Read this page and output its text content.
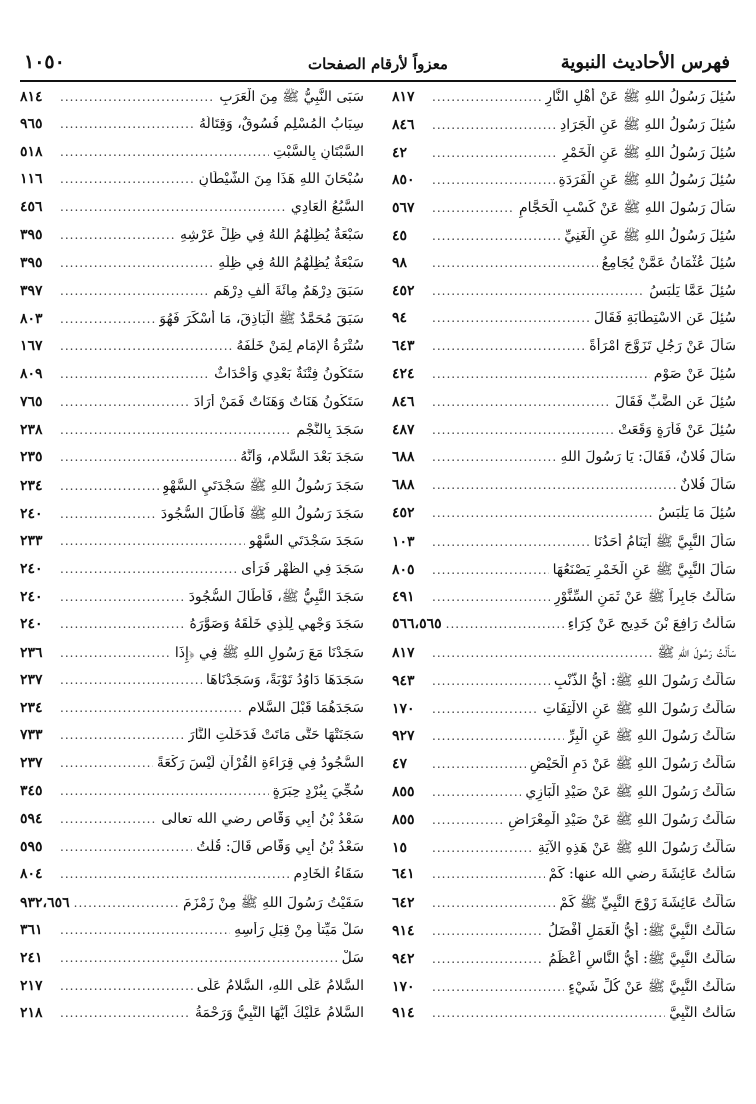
فهرس الأحاديث النبوية
معزواً لأرقام الصفحات
١٠٥٠
سُئِلَ رَسُولُ اللهِ ﷺ عَنْ أَهْلِ النَّارِ
.....
٨١٧
سُئِلَ رَسُولُ اللهِ ﷺ عَنِ الْجَرَادِ
.....
٨٤٦
سُئِلَ رَسُولُ اللهِ ﷺ عَنِ الْخَمْرِ
.....
٤٢
سُئِلَ رَسُولُ اللهِ ﷺ عَنِ الْفَرَدَةِ
.....
٨٥٠
سَأَلَ رَسُولَ اللهِ ﷺ عَنْ كَسْبِ الْحَجَّامِ
.....
٥٦٧
سُئِلَ رَسُولُ اللهِ ﷺ عَنِ الْغَنِيِّ
.....
٤٥
سُئِلَ عُثْمَانُ عَمَّنْ يُجَامِعُ
.....
٩٨
سُئِلَ عَمَّا يَلْبَسُ
.....
٤٥٢
سُئِلَ عَنِ الاسْتِطَابَةِ فَقَالَ
.....
٩٤
سَأَلَ عَنْ رَجُلٍ تَزَوَّجَ امْرَأَةً
.....
٦٤٣
سُئِلَ عَنْ صَوْمٍ
.....
٤٢٤
سُئِلَ عَنِ الضَّبِّ فَقَالَ
.....
٨٤٦
سُئِلَ عَنْ فَأْرَةٍ وَقَعَتْ
.....
٤٨٧
سَأَلَ فُلانٌ، فَقَالَ: يَا رَسُولَ اللهِ
.....
٦٨٨
سَأَلَ فُلانٌ
.....
٦٨٨
سُئِلَ مَا يَلْبَسُ
.....
٤٥٢
سَأَلَ النَّبِيَّ ﷺ أَيَنَامُ أَحَدُنَا
.....
١٠٣
سَأَلَ النَّبِيَّ ﷺ عَنِ الْخَمْرِ يَصْنَعُهَا
.....
٨٠٥
سَأَلْتُ جَابِراً ﷺ عَنْ ثَمَنِ السِّنَّوْرِ
.....
٤٩١
سَأَلْتُ رَافِعَ بْنَ خَدِيجٍ عَنْ كِرَاءِ
.....
٥٦٦،٥٦٥
سَأَلْتُ رَسُولَ اللهِ ﷺ
.....
٨١٧
سَأَلْتُ رَسُولَ اللهِ ﷺ: أَيُّ الذَّنْبِ
.....
٩٤٣
سَأَلْتُ رَسُولَ اللهِ ﷺ عَنِ الالْتِفَاتِ
.....
١٧٠
سَأَلْتُ رَسُولَ اللهِ ﷺ عَنِ الْبِرِّ
.....
٩٢٧
سَأَلْتُ رَسُولَ اللهِ ﷺ عَنْ دَمِ الْحَيْضِ
.....
٤٧
سَأَلْتُ رَسُولَ اللهِ ﷺ عَنْ صَيْدِ الْبَازِي
.....
٨٥٥
سَأَلْتُ رَسُولَ اللهِ ﷺ عَنْ صَيْدِ الْمِعْرَاضِ
.....
٨٥٥
سَأَلْتُ رَسُولَ اللهِ ﷺ عَنْ هَذِهِ الآيَةِ
.....
١٥
سَأَلْتُ عَائِشَةَ رضي الله عنها: كَمْ
.....
٦٤١
سَأَلْتُ عَائِشَةَ زَوْجَ النَّبِيِّ ﷺ كَمْ
.....
٦٤٢
سَأَلْتُ النَّبِيَّ ﷺ: أَيُّ الْعَمَلِ أَفْضَلُ
.....
٩١٤
سَأَلْتُ النَّبِيَّ ﷺ: أَيُّ النَّاسِ أَعْظَمُ
.....
٩٤٢
سَأَلْتُ النَّبِيَّ ﷺ عَنْ كُلِّ شَيْءٍ
.....
١٧٠
سَأَلْتُ النَّبِيَّ
.....
٩١٤
سَبَى النَّبِيُّ ﷺ مِنَ الْعَرَبِ
.....
٨١٤
سِبَابُ الْمُسْلِمِ فُسُوقٌ، وَقِتَالُهُ
.....
٩٦٥
السَّبْتَانِ بِالسَّبْتِ
.....
٥١٨
سُبْحَانَ اللهِ هَذَا مِنَ الشَّيْطَانِ
.....
١١٦
السَّبُعُ الْعَادِي
.....
٤٥٦
سَبْعَةٌ يُظِلُّهُمُ اللهُ فِي ظِلِّ عَرْشِهِ
.....
٣٩٥
سَبْعَةٌ يُظِلُّهُمُ اللهُ فِي ظِلِّهِ
.....
٣٩٥
سَبَقَ دِرْهَمٌ مِائَةَ أَلْفِ دِرْهَمٍ
.....
٣٩٧
سَبَقَ مُحَمَّدٌ ﷺ الْبَاذِقَ، مَا أَسْكَرَ فَهُوَ
.....
٨٠٣
سُتْرَةُ الإِمَامِ لِمَنْ خَلْفَهُ
.....
١٦٧
سَتَكُونُ فِتْنَةٌ بَعْدِي وَأَحْدَاثٌ
.....
٨٠٩
سَتَكُونُ هَنَاتٌ وَهَنَاتٌ فَمَنْ أَرَادَ
.....
٧٦٥
سَجَدَ بِالنَّجْمِ
.....
٢٣٨
سَجَدَ بَعْدَ السَّلامِ، وَأَنَّهُ
.....
٢٣٥
سَجَدَ رَسُولُ اللهِ ﷺ سَجْدَتَيِ السَّهْوِ
.....
٢٣٤
سَجَدَ رَسُولُ اللهِ ﷺ فَأَطَالَ السُّجُودَ
.....
٢٤٠
سَجَدَ سَجْدَتَيِ السَّهْوِ
.....
٢٣٣
سَجَدَ فِي الظُّهْرِ فَرَأَى
.....
٢٤٠
سَجَدَ النَّبِيُّ ﷺ، فَأَطَالَ السُّجُودَ
.....
٢٤٠
سَجَدَ وَجْهِي لِلَّذِي خَلَقَهُ وَصَوَّرَهُ
.....
٢٤٠
سَجَدْنَا مَعَ رَسُولِ اللهِ ﷺ فِي ﴿إِذَا
.....
٢٣٦
سَجَدَهَا دَاوُدُ تَوْبَةً، وَسَجَدْنَاهَا
.....
٢٣٧
سَجَدَهُمَا قَبْلَ السَّلامِ
.....
٢٣٤
سَجَنَتْهَا حَتَّى مَاتَتْ فَدَخَلَتِ النَّارَ
.....
٧٣٣
السُّجُودُ فِي قِرَاءَةِ الْقُرْآنِ لَيْسَ رَكْعَةً
.....
٢٣٧
سُجِّيَ بِبُرْدٍ حِبَرَةٍ
.....
٣٤٥
سَعْدُ بْنُ أَبِي وَقَّاصٍ رضي الله تعالى
.....
٥٩٤
سَعْدُ بْنُ أَبِي وَقَّاصٍ قَالَ: قُلْتُ
.....
٥٩٥
سَقَاءُ الْخَادِمِ
.....
٨٠٤
سَقَيْتُ رَسُولَ اللهِ ﷺ مِنْ زَمْزَمَ
.....
٩٣٢،٦٥٦
سَلْ مَيِّتاً مِنْ قِبَلِ رَأْسِهِ
.....
٣٦١
سَلْ
.....
٢٤١
السَّلامُ عَلَى اللهِ، السَّلامُ عَلَى
.....
٢١٧
السَّلامُ عَلَيْكَ أَيُّهَا النَّبِيُّ وَرَحْمَةُ
.....
٢١٨
